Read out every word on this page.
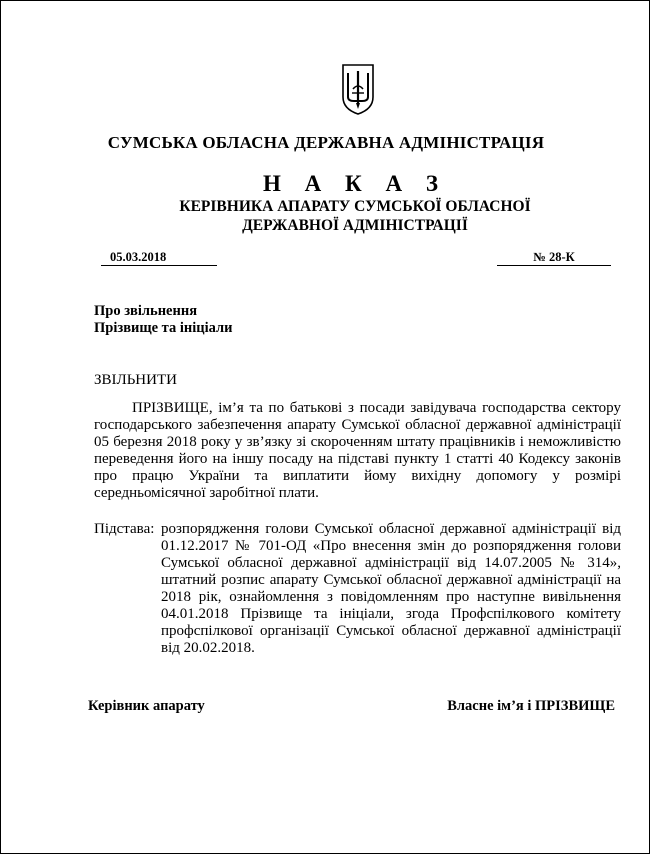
СУМСЬКА ОБЛАСНА ДЕРЖАВНА АДМІНІСТРАЦІЯ
Н А К А З
КЕРІВНИКА АПАРАТУ СУМСЬКОЇ ОБЛАСНОЇ
ДЕРЖАВНОЇ АДМІНІСТРАЦІЇ
05.03.2018	№ 28-К
Про звільнення
Прізвище та ініціали
ЗВІЛЬНИТИ
ПРІЗВИЩЕ, ім’я та по батькові з посади завідувача господарства сектору господарського забезпечення апарату Сумської обласної державної адміністрації 05 березня 2018 року у зв’язку зі скороченням штату працівників і неможливістю переведення його на іншу посаду на підставі пункту 1 статті 40 Кодексу законів про працю України та виплатити йому вихідну допомогу у розмірі середньомісячної заробітної плати.
Підстава: розпорядження голови Сумської обласної державної адміністрації від 01.12.2017 № 701-ОД «Про внесення змін до розпорядження голови Сумської обласної державної адміністрації від 14.07.2005 № 314», штатний розпис апарату Сумської обласної державної адміністрації на 2018 рік, ознайомлення з повідомленням про наступне вивільнення 04.01.2018 Прізвище та ініціали, згода Профспілкового комітету профспілкової організації Сумської обласної державної адміністрації від 20.02.2018.
Керівник апарату	Власне ім’я і ПРІЗВИЩЕ
